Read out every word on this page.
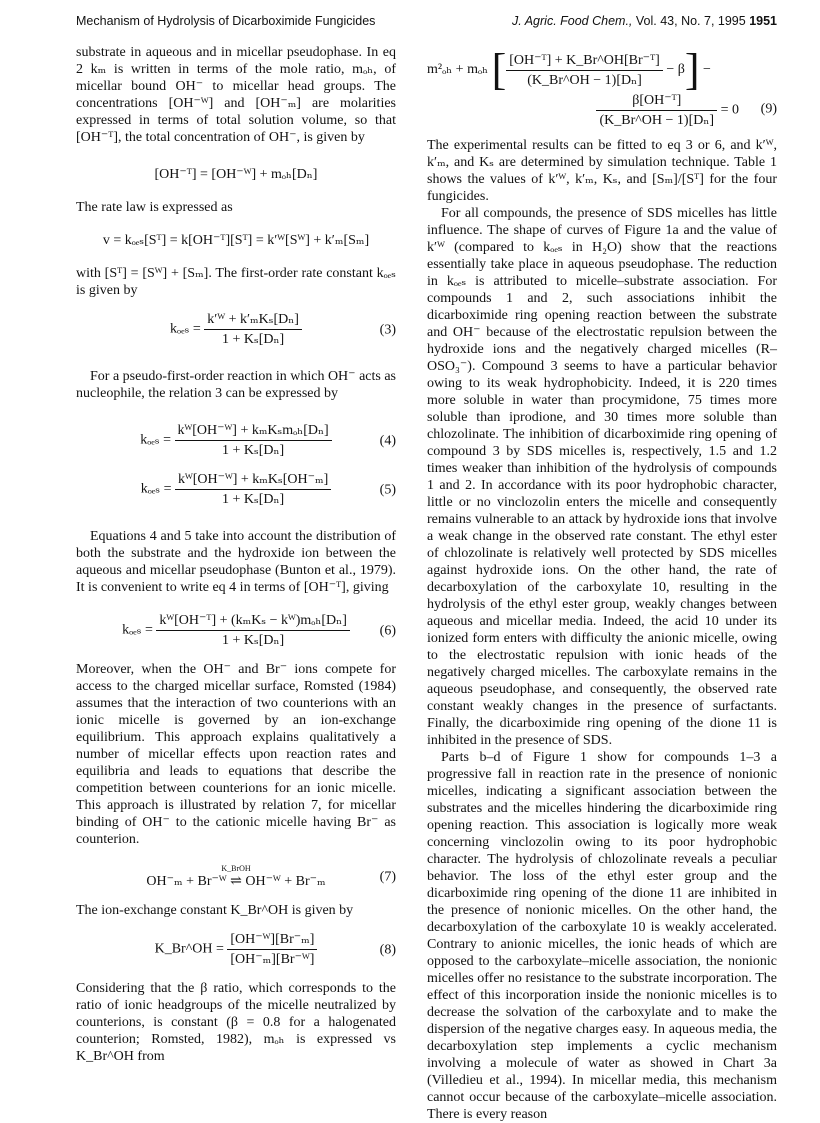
Mechanism of Hydrolysis of Dicarboximide Fungicides	J. Agric. Food Chem., Vol. 43, No. 7, 1995 1951

substrate in aqueous and in micellar pseudophase. In eq 2 kₘ is written in terms of the mole ratio, mₒₕ, of micellar bound OH⁻ to micellar head groups. The concentrations [OH⁻ᵂ] and [OH⁻ₘ] are molarities expressed in terms of total solution volume, so that [OH⁻ᵀ], the total concentration of OH⁻, is given by

[OH⁻ᵀ] = [OH⁻ᵂ] + mₒₕ[Dₙ]

The rate law is expressed as

v = kₒₑₛ[Sᵀ] = k[OH⁻ᵀ][Sᵀ] = k′ᵂ[Sᵂ] + k′ₘ[Sₘ]

with [Sᵀ] = [Sᵂ] + [Sₘ]. The first-order rate constant kₒₑₛ is given by

$k_{oes} = \frac{\text{k′ᵂ + k′ₘKₛ[Dₙ]}}{\text{1 + Kₛ[Dₙ]}}$	(3)

For a pseudo-first-order reaction in which OH⁻ acts as nucleophile, the relation 3 can be expressed by

$k_{oes} = \frac{\text{kᵂ[OH⁻ᵂ] + kₘKₛmₒₕ[Dₙ]}}{\text{1 + Kₛ[Dₙ]}}$	(4)
$k_{oes} = \frac{\text{kᵂ[OH⁻ᵂ] + kₘKₛ[OH⁻ₘ]}}{\text{1 + Kₛ[Dₙ]}}$	(5)

Equations 4 and 5 take into account the distribution of both the substrate and the hydroxide ion between the aqueous and micellar pseudophase (Bunton et al., 1979). It is convenient to write eq 4 in terms of [OH⁻ᵀ], giving

$k_{oes} = \frac{\text{kᵂ[OH⁻ᵀ] + (kₘKₛ − kᵂ)mₒₕ[Dₙ]}}{\text{1 + Kₛ[Dₙ]}} (6)$

Moreover, when the OH⁻ and Br⁻ ions compete for access to the charged micellar surface, Romsted (1984) assumes that the interaction of two counterions with an ionic micelle is governed by an ion-exchange equilibrium. This approach explains qualitatively a number of micellar effects upon reaction rates and equilibria and leads to equations that describe the competition between counterions for an ionic micelle. This approach is illustrated by relation 7, for micellar binding of OH⁻ to the cationic micelle having Br⁻ as counterion.

K_BrOH
OH⁻ₘ + Br⁻ᵂ ⇌ OH⁻ᵂ + Br⁻ₘ	(7)

The ion-exchange constant K_Br^OH is given by

K_Br^OH = $\frac{\text{[OH⁻ᵂ][Br⁻ₘ]}}{\text{[OH⁻ₘ][Br⁻ᵂ]}}$	(8)

Considering that the β ratio, which corresponds to the ratio of ionic headgroups of the micelle neutralized by counterions, is constant (β = 0.8 for a halogenated counterion; Romsted, 1982), mₒₕ is expressed vs K_Br^OH from

m²ₒₕ + mₒₕ [ $\frac{\text{[OH⁻ᵀ] + K\_Br\textasciicircum{}OH[Br⁻ᵀ]}}{\text{(K\_Br\textasciicircum{}OH − 1)[Dₙ]}} - \beta$] −
$\frac{\text{β[OH⁻ᵀ]}}{\text{(K\_Br\textasciicircum{}OH − 1)[Dₙ]}} = 0$	(9)

The experimental results can be fitted to eq 3 or 6, and k′ᵂ, k′ₘ, and Kₛ are determined by simulation technique. Table 1 shows the values of k′ᵂ, k′ₘ, Kₛ, and [Sₘ]/[Sᵀ] for the four fungicides.

For all compounds, the presence of SDS micelles has little influence. The shape of curves of Figure 1a and the value of k′ᵂ (compared to kₒₑₛ in H₂O) show that the reactions essentially take place in aqueous pseudophase. The reduction in kₒₑₛ is attributed to micelle–substrate association. For compounds 1 and 2, such associations inhibit the dicarboximide ring opening reaction between the substrate and OH⁻ because of the electrostatic repulsion between the hydroxide ions and the negatively charged micelles (R–OSO₃⁻). Compound 3 seems to have a particular behavior owing to its weak hydrophobicity. Indeed, it is 220 times more soluble in water than procymidone, 75 times more soluble than iprodione, and 30 times more soluble than chlozolinate. The inhibition of dicarboximide ring opening of compound 3 by SDS micelles is, respectively, 1.5 and 1.2 times weaker than inhibition of the hydrolysis of compounds 1 and 2. In accordance with its poor hydrophobic character, little or no vinclozolin enters the micelle and consequently remains vulnerable to an attack by hydroxide ions that involve a weak change in the observed rate constant. The ethyl ester of chlozolinate is relatively well protected by SDS micelles against hydroxide ions. On the other hand, the rate of decarboxylation of the carboxylate 10, resulting in the hydrolysis of the ethyl ester group, weakly changes between aqueous and micellar media. Indeed, the acid 10 under its ionized form enters with difficulty the anionic micelle, owing to the electrostatic repulsion with ionic heads of the negatively charged micelles. The carboxylate remains in the aqueous pseudophase, and consequently, the observed rate constant weakly changes in the presence of surfactants. Finally, the dicarboximide ring opening of the dione 11 is inhibited in the presence of SDS.

Parts b–d of Figure 1 show for compounds 1–3 a progressive fall in reaction rate in the presence of nonionic micelles, indicating a significant association between the substrates and the micelles hindering the dicarboximide ring opening reaction. This association is logically more weak concerning vinclozolin owing to its poor hydrophobic character. The hydrolysis of chlozolinate reveals a peculiar behavior. The loss of the ethyl ester group and the dicarboximide ring opening of the dione 11 are inhibited in the presence of nonionic micelles. On the other hand, the decarboxylation of the carboxylate 10 is weakly accelerated. Contrary to anionic micelles, the ionic heads of which are opposed to the carboxylate–micelle association, the nonionic micelles offer no resistance to the substrate incorporation. The effect of this incorporation inside the nonionic micelles is to decrease the solvation of the carboxylate and to make the dispersion of the negative charges easy. In aqueous media, the decarboxylation step implements a cyclic mechanism involving a molecule of water as showed in Chart 3a (Villedieu et al., 1994). In micellar media, this mechanism cannot occur because of the carboxylate–micelle association. There is every reason
